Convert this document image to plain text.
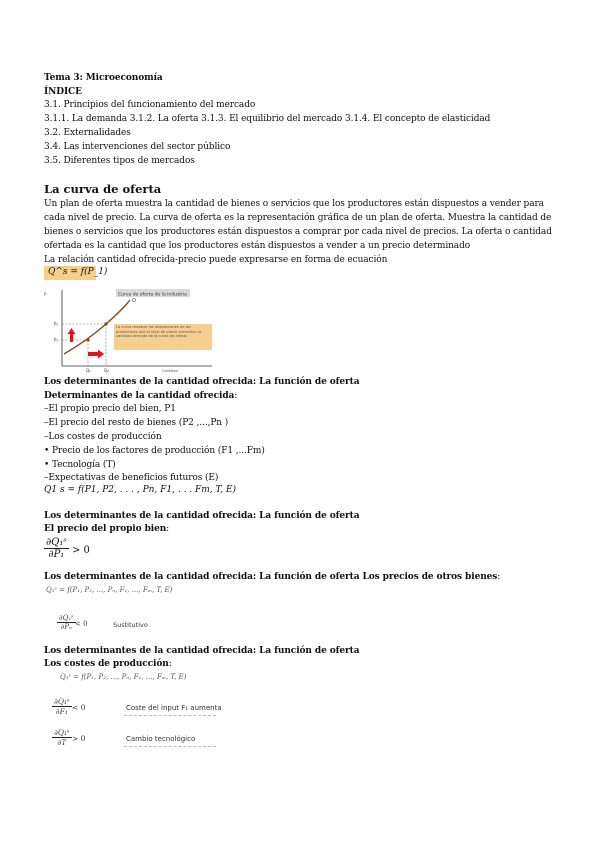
Tema 3: Microeconomía
ÍNDICE
3.1. Principios del funcionamiento del mercado
3.1.1. La demanda 3.1.2. La oferta 3.1.3. El equilibrio del mercado 3.1.4. El concepto de elasticidad
3.2. Externalidades
3.4. Las intervenciones del sector público
3.5. Diferentes tipos de mercados
La curva de oferta
Un plan de oferta muestra la cantidad de bienes o servicios que los productores están dispuestos a vender para cada nivel de precio. La curva de oferta es la representación gráfica de un plan de oferta. Muestra la cantidad de bienes o servicios que los productores están dispuestos a comprar por cada nivel de precios. La oferta o cantidad ofertada es la cantidad que los productores están dispuestos a vender a un precio determinado
La relación cantidad ofrecida-precio puede expresarse en forma de ecuación
Q^s = f(P_1)
Curva de oferta de la industria
P
O
P₂
P₁
Q₁	Q₂	Cantidad
La curva muestra las disposiciones de los productores que al nivel de precio aumentan la cantidad ofrecida de la curva de oferta.
Los determinantes de la cantidad ofrecida: La función de oferta
Determinantes de la cantidad ofrecida:
–El propio precio del bien, P1
–El precio del resto de bienes (P2 ,...,Pn )
–Los costes de producción
• Precio de los factores de producción (F1 ,...Fm)
• Tecnología (T)
–Expectativas de beneficios futuros (E)
Q1 s = f(P1, P2, . . . , Pn, F1, . . . Fm, T, E)
Los determinantes de la cantidad ofrecida: La función de oferta
El precio del propio bien:
$\frac{\text{∂Q₁ˢ}}{\text{∂P₁}} > 0$
Los determinantes de la cantidad ofrecida: La función de oferta Los precios de otros bienes:
Q₁ˢ = f(P₁, P₂, ..., Pₙ, F₁, ..., Fₘ, T, E)
$\frac{\text{∂Q₁ˢ}}{\text{∂Pₙ}} < 0$	Sustitutivo
Los determinantes de la cantidad ofrecida: La función de oferta
Los costes de producción:
Q₁ˢ = f(P₁, P₂, ..., Pₙ, F₁, ..., Fₘ, T, E)
$\frac{\text{∂Q₁ˢ}}{\text{∂F₁}} < 0$	Coste del input F₁ aumenta
$\frac{\text{∂Q₁ˢ}}{\partial T} > 0$	Cambio tecnológico
